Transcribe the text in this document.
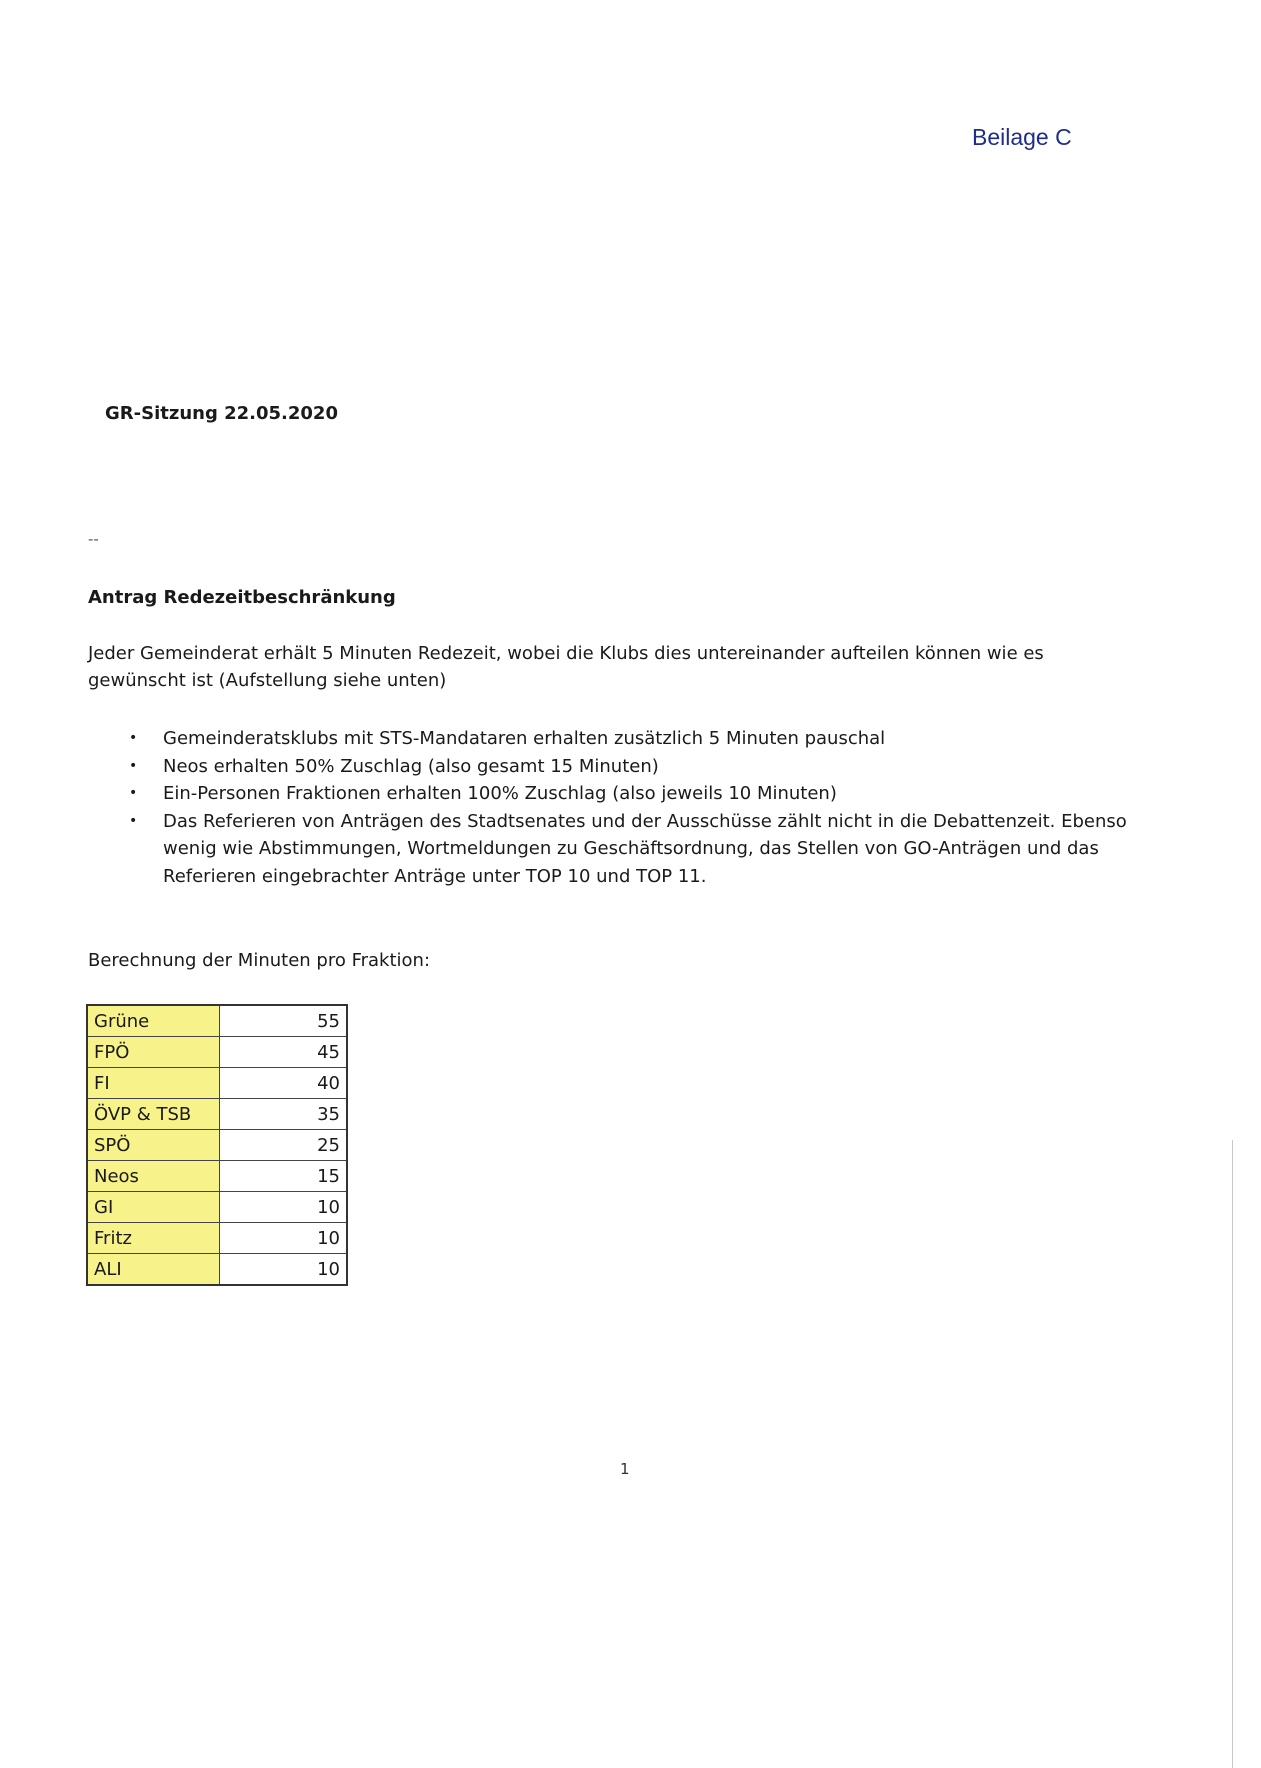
Beilage C
GR-Sitzung 22.05.2020
--
Antrag Redezeitbeschränkung
Jeder Gemeinderat erhält 5 Minuten Redezeit, wobei die Klubs dies untereinander aufteilen können wie es gewünscht ist (Aufstellung siehe unten)
• Gemeinderatsklubs mit STS-Mandataren erhalten zusätzlich 5 Minuten pauschal
• Neos erhalten 50% Zuschlag (also gesamt 15 Minuten)
• Ein-Personen Fraktionen erhalten 100% Zuschlag (also jeweils 10 Minuten)
• Das Referieren von Anträgen des Stadtsenates und der Ausschüsse zählt nicht in die Debattenzeit. Ebenso wenig wie Abstimmungen, Wortmeldungen zu Geschäftsordnung, das Stellen von GO-Anträgen und das Referieren eingebrachter Anträge unter TOP 10 und TOP 11.
Berechnung der Minuten pro Fraktion:
Grüne	55
FPÖ	45
FI	40
ÖVP & TSB	35
SPÖ	25
Neos	15
GI	10
Fritz	10
ALI	10
1
